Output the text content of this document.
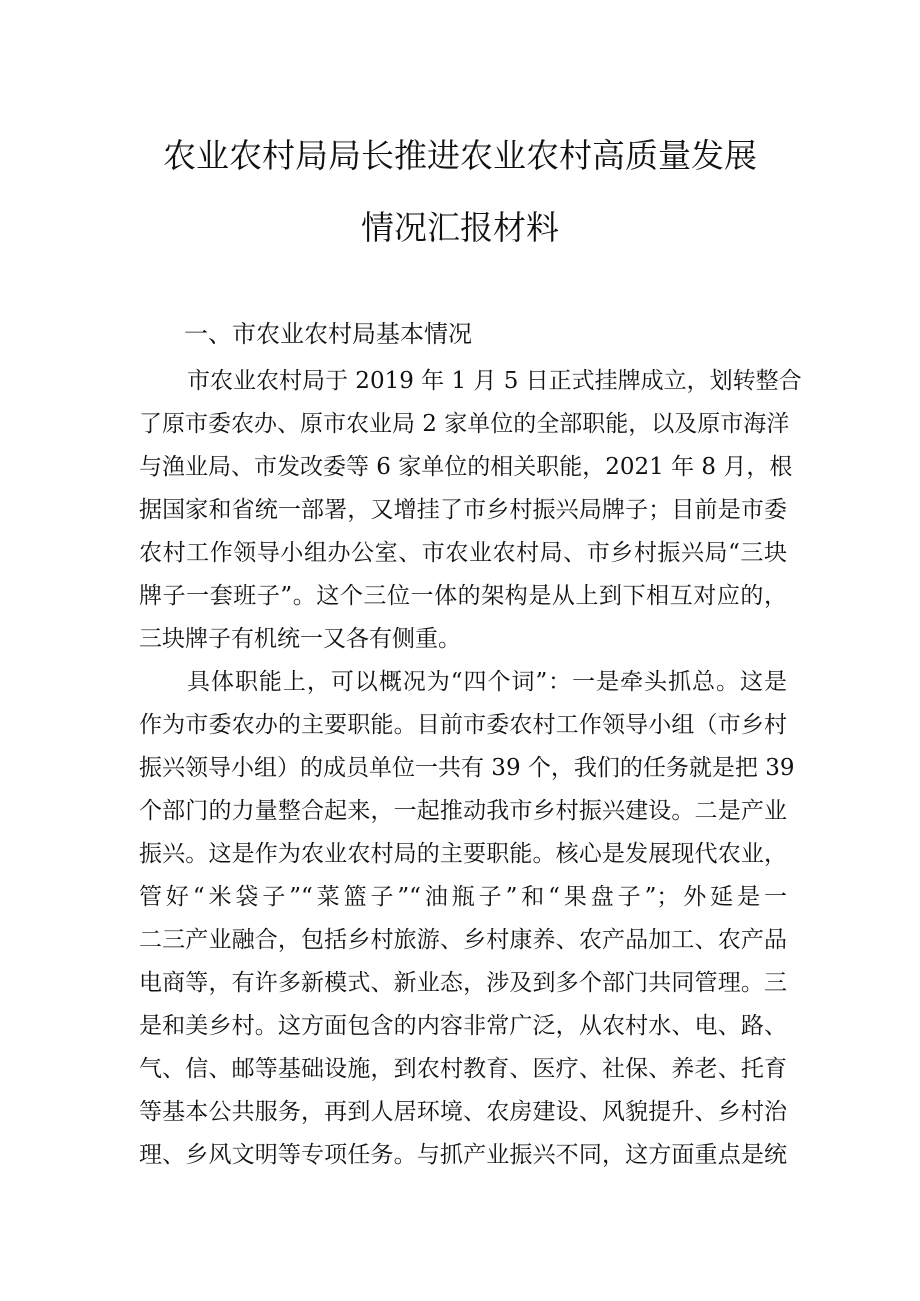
农业农村局局长推进农业农村高质量发展
情况汇报材料
一、市农业农村局基本情况
市农业农村局于 2019 年 1 月 5 日正式挂牌成立，划转整合
了原市委农办、原市农业局 2 家单位的全部职能，以及原市海洋
与渔业局、市发改委等 6 家单位的相关职能，2021 年 8 月，根
据国家和省统一部署，又增挂了市乡村振兴局牌子；目前是市委
农村工作领导小组办公室、市农业农村局、市乡村振兴局“三块
牌子一套班子”。这个三位一体的架构是从上到下相互对应的，
三块牌子有机统一又各有侧重。
具体职能上，可以概况为“四个词”：一是牵头抓总。这是
作为市委农办的主要职能。目前市委农村工作领导小组（市乡村
振兴领导小组）的成员单位一共有 39 个，我们的任务就是把 39
个部门的力量整合起来，一起推动我市乡村振兴建设。二是产业
振兴。这是作为农业农村局的主要职能。核心是发展现代农业，
管好“米袋子”“菜篮子”“油瓶子”和“果盘子”；外延是一
二三产业融合，包括乡村旅游、乡村康养、农产品加工、农产品
电商等，有许多新模式、新业态，涉及到多个部门共同管理。三
是和美乡村。这方面包含的内容非常广泛，从农村水、电、路、
气、信、邮等基础设施，到农村教育、医疗、社保、养老、托育
等基本公共服务，再到人居环境、农房建设、风貌提升、乡村治
理、乡风文明等专项任务。与抓产业振兴不同，这方面重点是统
